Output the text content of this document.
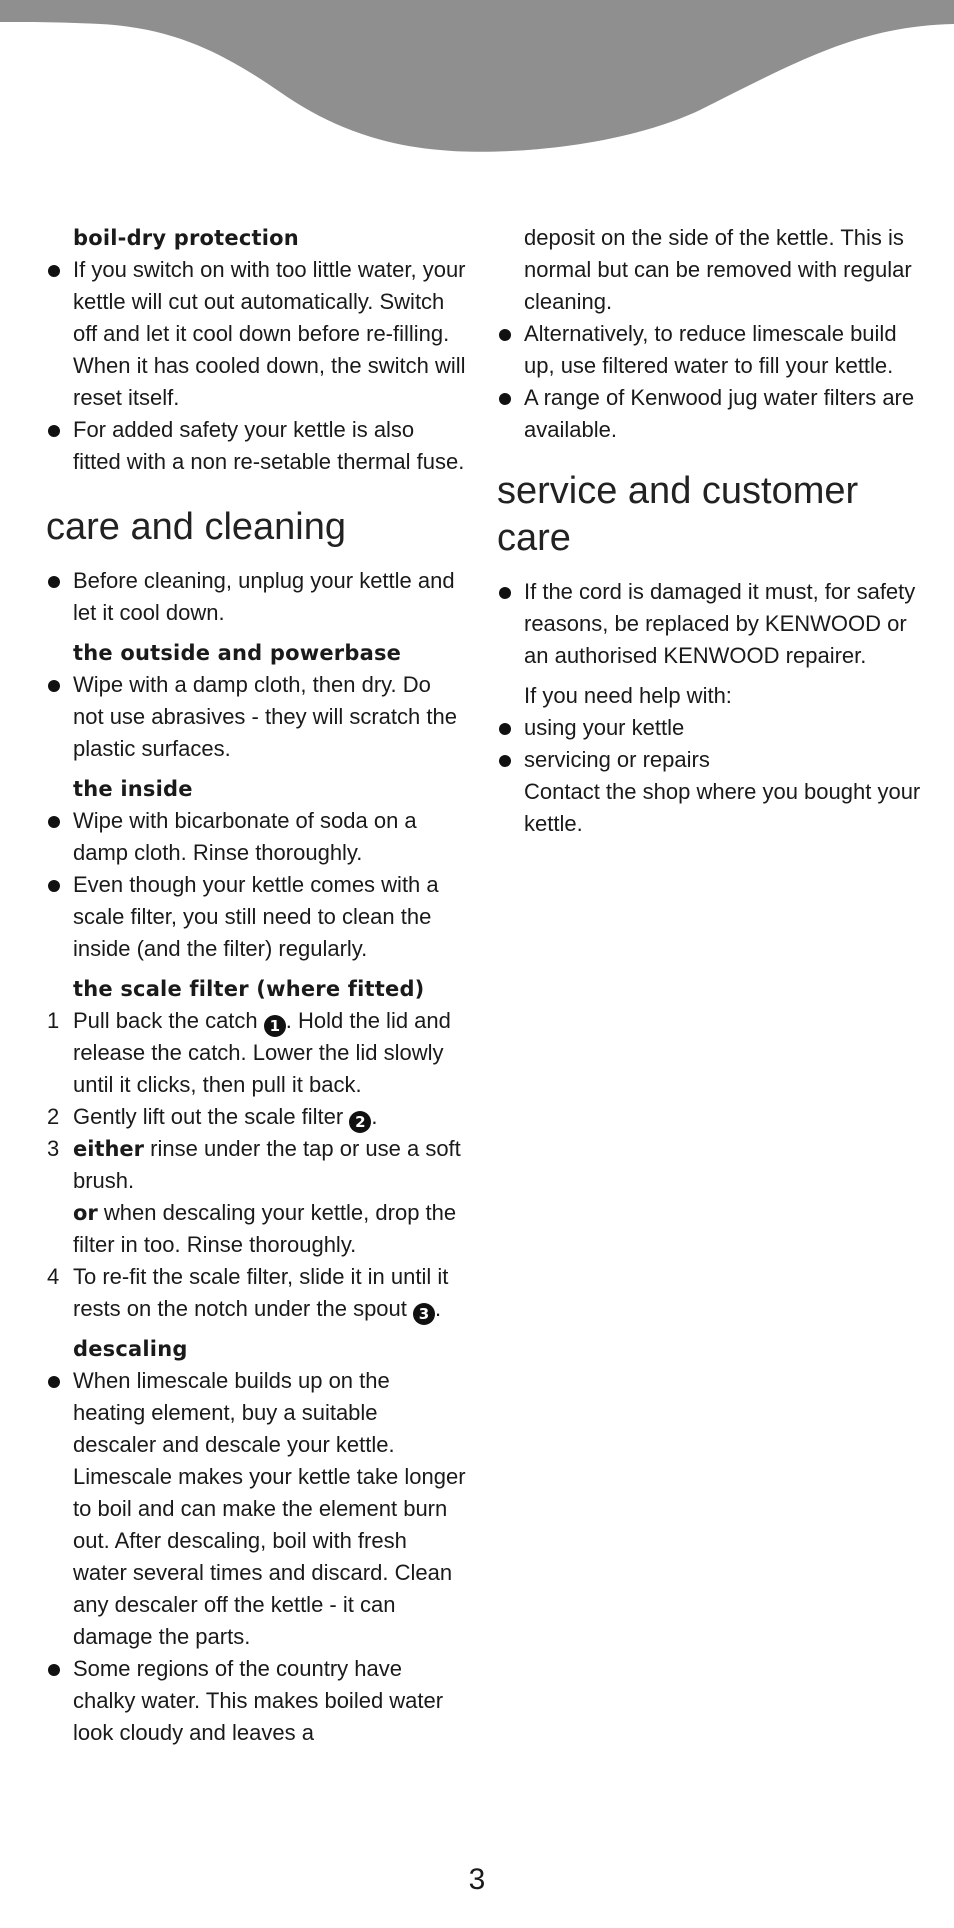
boil-dry protection
If you switch on with too little water, your kettle will cut out automatically. Switch off and let it cool down before re-filling. When it has cooled down, the switch will reset itself.
For added safety your kettle is also fitted with a non re-setable thermal fuse.
care and cleaning
Before cleaning, unplug your kettle and let it cool down.
the outside and powerbase
Wipe with a damp cloth, then dry. Do not use abrasives - they will scratch the plastic surfaces.
the inside
Wipe with bicarbonate of soda on a damp cloth. Rinse thoroughly.
Even though your kettle comes with a scale filter, you still need to clean the inside (and the filter) regularly.
the scale filter (where fitted)
1 Pull back the catch 1 . Hold the lid and release the catch. Lower the lid slowly until it clicks, then pull it back.
2 Gently lift out the scale filter 2 .
3 either rinse under the tap or use a soft brush.
or when descaling your kettle, drop the filter in too. Rinse thoroughly.
4 To re-fit the scale filter, slide it in until it rests on the notch under the spout 3 .
descaling
When limescale builds up on the heating element, buy a suitable descaler and descale your kettle. Limescale makes your kettle take longer to boil and can make the element burn out. After descaling, boil with fresh water several times and discard. Clean any descaler off the kettle - it can damage the parts.
Some regions of the country have chalky water. This makes boiled water look cloudy and leaves a
deposit on the side of the kettle. This is normal but can be removed with regular cleaning.
Alternatively, to reduce limescale build up, use filtered water to fill your kettle.
A range of Kenwood jug water filters are available.
service and customer
care
If the cord is damaged it must, for safety reasons, be replaced by KENWOOD or an authorised KENWOOD repairer.
If you need help with:
using your kettle
servicing or repairs
Contact the shop where you bought your kettle.
3
